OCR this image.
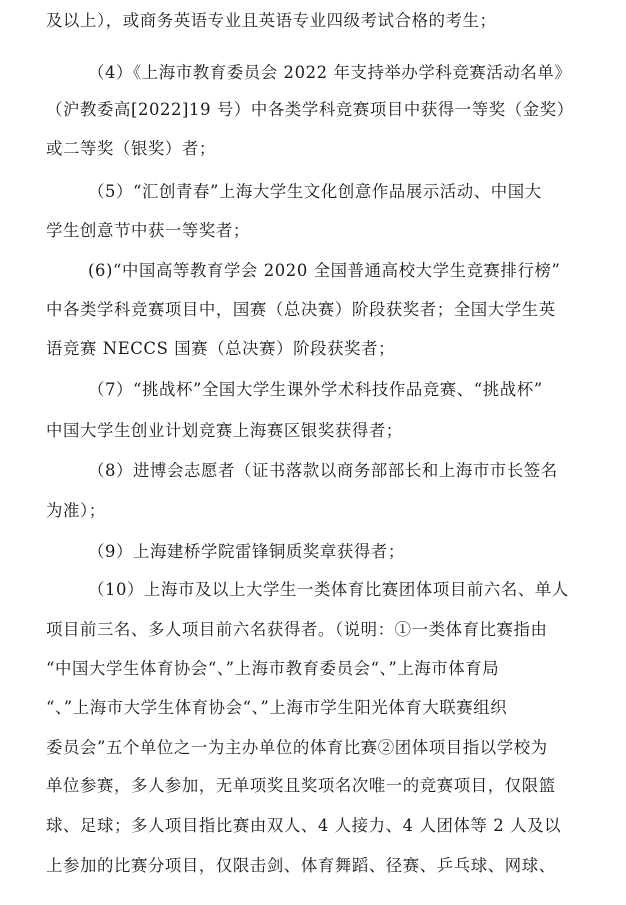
及以上），或商务英语专业且英语专业四级考试合格的考生；
（4）《上海市教育委员会 2022 年支持举办学科竞赛活动名单》
（沪教委高[2022]19 号）中各类学科竞赛项目中获得一等奖（金奖）
或二等奖（银奖）者；
（5）“汇创青春”上海大学生文化创意作品展示活动、中国大
学生创意节中获一等奖者；
(6)“中国高等教育学会 2020 全国普通高校大学生竞赛排行榜”
中各类学科竞赛项目中，国赛（总决赛）阶段获奖者；全国大学生英
语竞赛 NECCS 国赛（总决赛）阶段获奖者；
（7）“挑战杯”全国大学生课外学术科技作品竞赛、“挑战杯”
中国大学生创业计划竞赛上海赛区银奖获得者；
（8）进博会志愿者（证书落款以商务部部长和上海市市长签名
为准）；
（9）上海建桥学院雷锋铜质奖章获得者；
（10）上海市及以上大学生一类体育比赛团体项目前六名、单人
项目前三名、多人项目前六名获得者。（说明：①一类体育比赛指由
“中国大学生体育协会“、”上海市教育委员会“、”上海市体育局
“、”上海市大学生体育协会“、”上海市学生阳光体育大联赛组织
委员会”五个单位之一为主办单位的体育比赛②团体项目指以学校为
单位参赛，多人参加，无单项奖且奖项名次唯一的竞赛项目，仅限篮
球、足球；多人项目指比赛由双人、4 人接力、4 人团体等 2 人及以
上参加的比赛分项目，仅限击剑、体育舞蹈、径赛、乒乓球、网球、
